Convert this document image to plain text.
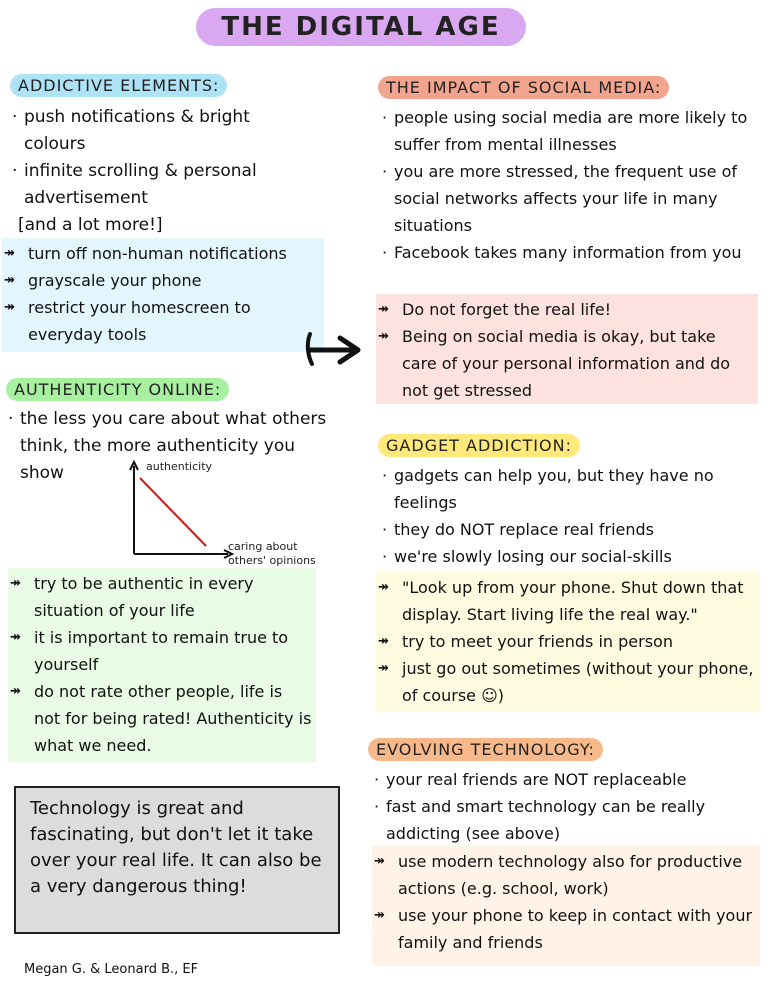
THE DIGITAL AGE
ADDICTIVE ELEMENTS:
· push notifications & bright colours
· infinite scrolling & personal advertisement
[and a lot more!]
↠ turn off non-human notifications
↠ grayscale your phone
↠ restrict your homescreen to everyday tools
THE IMPACT OF SOCIAL MEDIA:
· people using social media are more likely to suffer from mental illnesses
· you are more stressed, the frequent use of social networks affects your life in many situations
· Facebook takes many information from you
↠ Do not forget the real life!
↠ Being on social media is okay, but take care of your personal information and do not get stressed
AUTHENTICITY ONLINE:
· the less you care about what others think, the more authenticity you show	authenticity
caring about
others' opinions
↠ try to be authentic in every situation of your life
↠ it is important to remain true to yourself
↠ do not rate other people, life is not for being rated! Authenticity is what we need.
Technology is great and fascinating, but don't let it take over your real life. It can also be a very dangerous thing!
Megan G. & Leonard B., EF
GADGET ADDICTION:
· gadgets can help you, but they have no feelings
· they do NOT replace real friends
· we're slowly losing our social-skills
↠ "Look up from your phone. Shut down that display. Start living life the real way."
↠ try to meet your friends in person
↠ just go out sometimes (without your phone, of course ☺)
EVOLVING TECHNOLOGY:
· your real friends are NOT replaceable
· fast and smart technology can be really addicting (see above)
↠ use modern technology also for productive actions (e.g. school, work)
↠ use your phone to keep in contact with your family and friends
